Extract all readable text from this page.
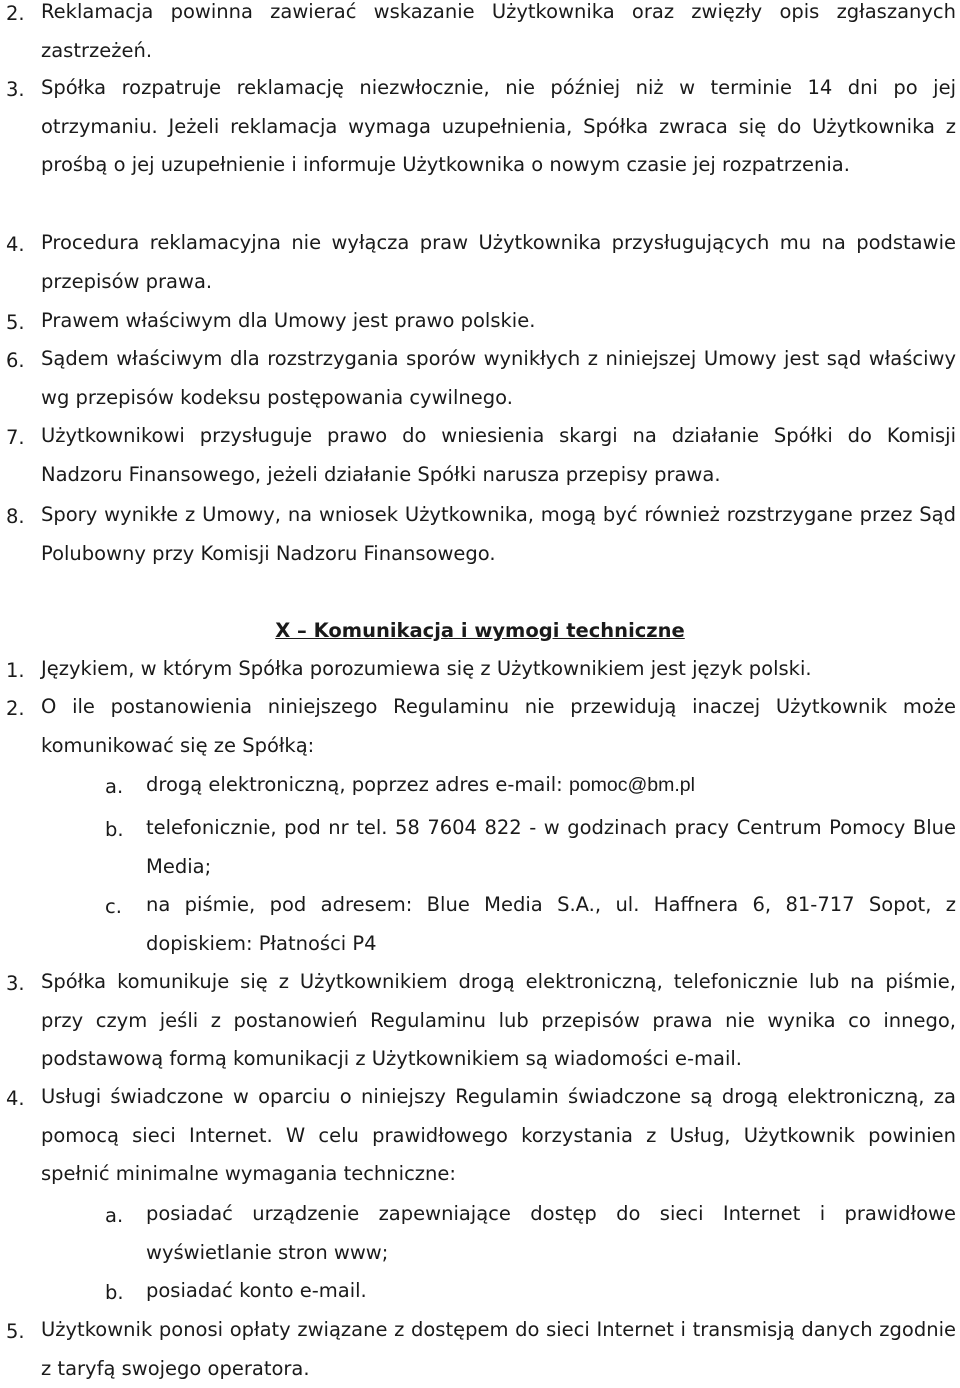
2. Reklamacja powinna zawierać wskazanie Użytkownika oraz zwięzły opis zgłaszanych zastrzeżeń.
3. Spółka rozpatruje reklamację niezwłocznie, nie później niż w terminie 14 dni po jej otrzymaniu. Jeżeli reklamacja wymaga uzupełnienia, Spółka zwraca się do Użytkownika z prośbą o jej uzupełnienie i informuje Użytkownika o nowym czasie jej rozpatrzenia.
4. Procedura reklamacyjna nie wyłącza praw Użytkownika przysługujących mu na podstawie przepisów prawa.
5. Prawem właściwym dla Umowy jest prawo polskie.
6. Sądem właściwym dla rozstrzygania sporów wynikłych z niniejszej Umowy jest sąd właściwy wg przepisów kodeksu postępowania cywilnego.
7. Użytkownikowi przysługuje prawo do wniesienia skargi na działanie Spółki do Komisji Nadzoru Finansowego, jeżeli działanie Spółki narusza przepisy prawa.
8. Spory wynikłe z Umowy, na wniosek Użytkownika, mogą być również rozstrzygane przez Sąd Polubowny przy Komisji Nadzoru Finansowego.
X – Komunikacja i wymogi techniczne
1. Językiem, w którym Spółka porozumiewa się z Użytkownikiem jest język polski.
2. O ile postanowienia niniejszego Regulaminu nie przewidują inaczej Użytkownik może komunikować się ze Spółką:
a.	drogą elektroniczną, poprzez adres e-mail: pomoc@bm.pl
b.	telefonicznie, pod nr tel. 58 7604 822 - w godzinach pracy Centrum Pomocy Blue Media;
c.	na piśmie, pod adresem: Blue Media S.A., ul. Haffnera 6, 81-717 Sopot, z dopiskiem: Płatności P4
3. Spółka komunikuje się z Użytkownikiem drogą elektroniczną, telefonicznie lub na piśmie, przy czym jeśli z postanowień Regulaminu lub przepisów prawa nie wynika co innego, podstawową formą komunikacji z Użytkownikiem są wiadomości e-mail.
4. Usługi świadczone w oparciu o niniejszy Regulamin świadczone są drogą elektroniczną, za pomocą sieci Internet. W celu prawidłowego korzystania z Usług, Użytkownik powinien spełnić minimalne wymagania techniczne:
a.	posiadać urządzenie zapewniające dostęp do sieci Internet i prawidłowe wyświetlanie stron www;
b.	posiadać konto e-mail.
5. Użytkownik ponosi opłaty związane z dostępem do sieci Internet i transmisją danych zgodnie z taryfą swojego operatora.
